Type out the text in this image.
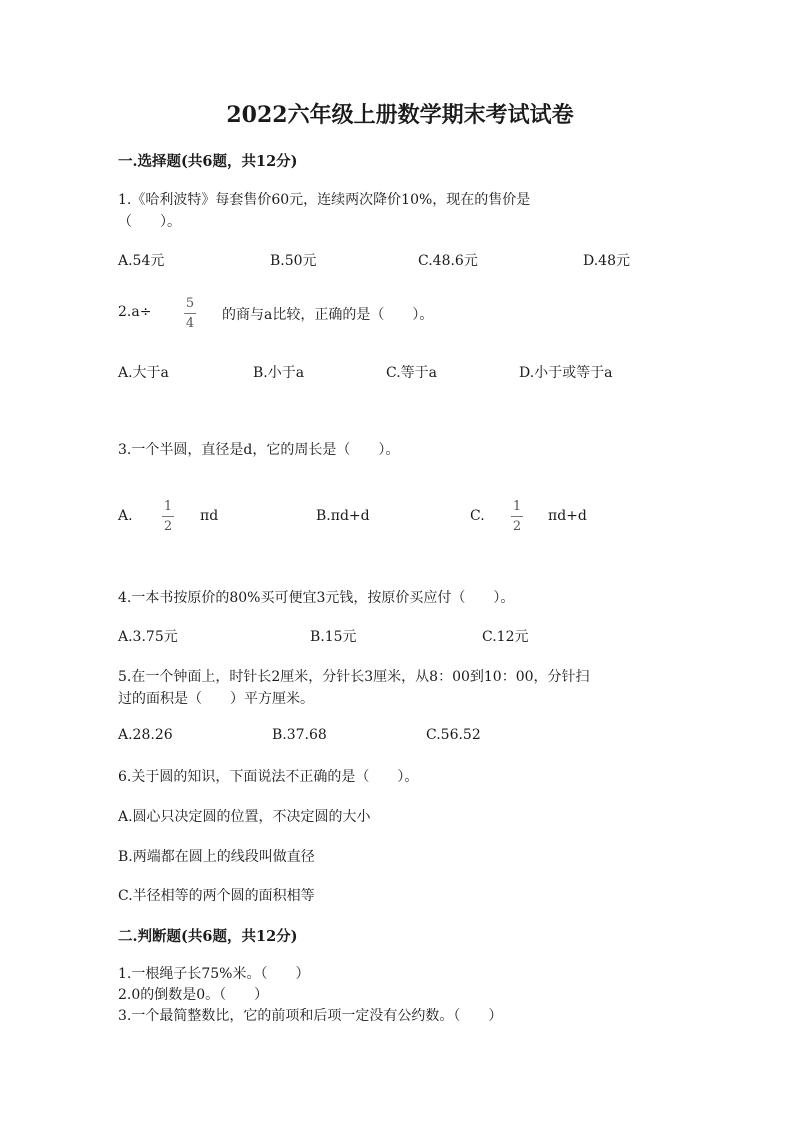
2022六年级上册数学期末考试试卷
一.选择题(共6题，共12分)
1.《哈利波特》每套售价60元，连续两次降价10%，现在的售价是
（　　）。
A.54元	B.50元	C.48.6元	D.48元
2.a÷
5
4
的商与a比较，正确的是（　　）。
A.大于a	B.小于a	C.等于a	D.小于或等于a
3.一个半圆，直径是d，它的周长是（　　）。
A.
1
2
πd	B.πd+d	C.
1
2
πd+d
4.一本书按原价的80%买可便宜3元钱，按原价买应付（　　）。
A.3.75元	B.15元	C.12元
5.在一个钟面上，时针长2厘米，分针长3厘米，从8：00到10：00，分针扫
过的面积是（　　）平方厘米。
A.28.26	B.37.68	C.56.52
6.关于圆的知识，下面说法不正确的是（　　）。
A.圆心只决定圆的位置，不决定圆的大小
B.两端都在圆上的线段叫做直径
C.半径相等的两个圆的面积相等
二.判断题(共6题，共12分)
1.一根绳子长75%米。（　　）
2.0的倒数是0。（　　）
3.一个最简整数比，它的前项和后项一定没有公约数。（　　）
